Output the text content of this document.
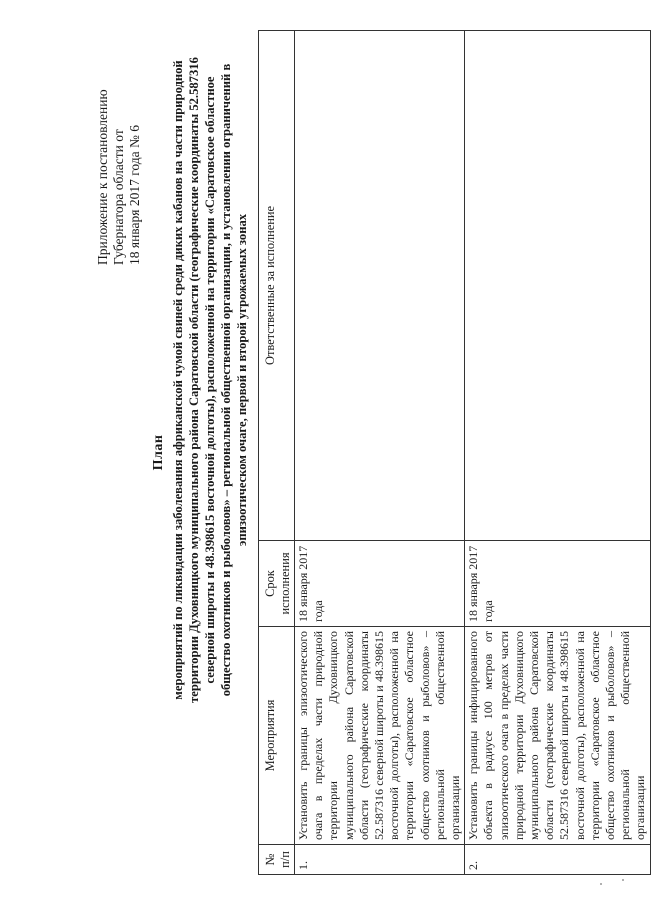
Приложение к постановлению Губернатора области от 18 января 2017 года № 6
План мероприятий по ликвидации заболевания африканской чумой свиней среди диких кабанов на части природной территории Духовницкого муниципального района Саратовской области (географические координаты 52.587316 северной широты и 48.398615 восточной долготы), расположенной на территории «Саратовское областное общество охотников и рыболовов» – региональной общественной организации, и установлении ограничений в эпизоотическом очаге, первой и второй угрожаемых зонах
№ п/п	Мероприятия	Срок исполнения	Ответственные за исполнение
1.	Установить границы эпизоотического очага в пределах части природной территории Духовницкого муниципального района Саратовской области (географические координаты 52.587316 северной широты и 48.398615 восточной долготы), расположенной на территории «Саратовское областное общество охотников и рыболовов» – региональной общественной организации	18 января 2017 года	
2.	Установить границы инфицированного объекта в радиусе 100 метров от эпизоотического очага в пределах части природной территории Духовницкого муниципального района Саратовской области (географические координаты 52.587316 северной широты и 48.398615 восточной долготы), расположенной на территории «Саратовское областное общество охотников и рыболовов» – региональной общественной организации	18 января 2017 года	
